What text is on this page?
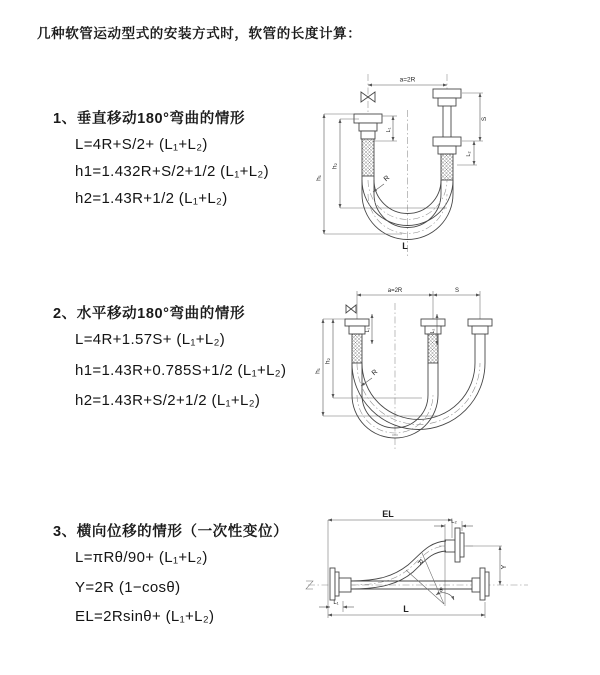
几种软管运动型式的安装方式时，软管的长度计算：
1、垂直移动180°弯曲的情形
L=4R+S/2+ (L₁+L₂)
h1=1.432R+S/2+1/2 (L₁+L₂)
h2=1.43R+1/2 (L₁+L₂)
2、水平移动180°弯曲的情形
L=4R+1.57S+ (L₁+L₂)
h1=1.43R+0.785S+1/2 (L₁+L₂)
h2=1.43R+S/2+1/2 (L₁+L₂)
3、横向位移的情形（一次性变位）
L=πRθ/90+ (L₁+L₂)
Y=2R (1−cosθ)
EL=2Rsinθ+ (L₁+L₂)
a=2R
L₁
S
L₂
h₁
h₂
R
L
a=2R	S
L₁	L₂
h₁
h₂
R
EL
L₂
Y
R
θ
L₁
L
